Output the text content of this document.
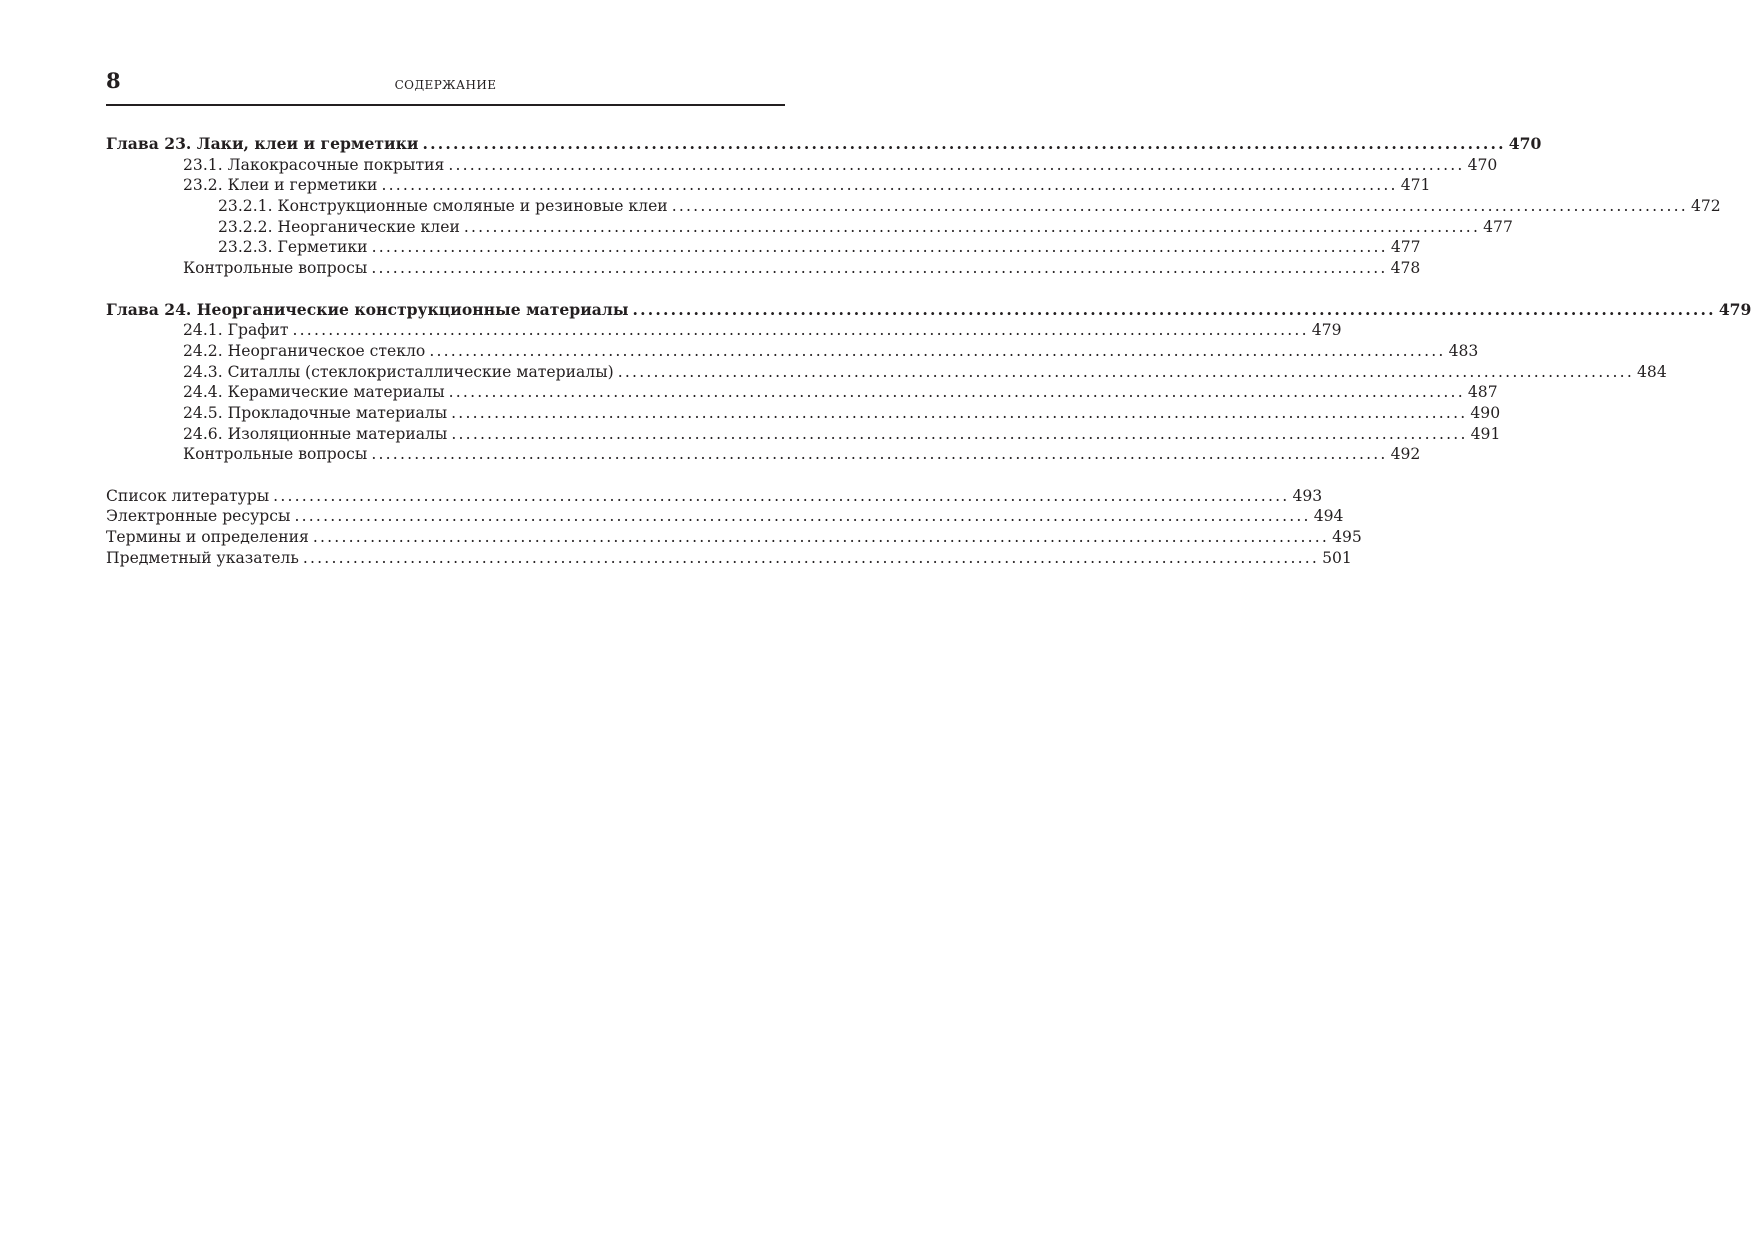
8	СОДЕРЖАНИЕ
Глава 23. Лаки, клеи и герметики .............................................................................................................................................. 470
23.1. Лакокрасочные покрытия .............................................................................................................................................. 470
23.2. Клеи и герметики .............................................................................................................................................. 471
23.2.1. Конструкционные смоляные и резиновые клеи .............................................................................................................................................. 472
23.2.2. Неорганические клеи .............................................................................................................................................. 477
23.2.3. Герметики .............................................................................................................................................. 477
Контрольные вопросы .............................................................................................................................................. 478
Глава 24. Неорганические конструкционные материалы .............................................................................................................................................. 479
24.1. Графит .............................................................................................................................................. 479
24.2. Неорганическое стекло .............................................................................................................................................. 483
24.3. Ситаллы (стеклокристаллические материалы) .............................................................................................................................................. 484
24.4. Керамические материалы .............................................................................................................................................. 487
24.5. Прокладочные материалы .............................................................................................................................................. 490
24.6. Изоляционные материалы .............................................................................................................................................. 491
Контрольные вопросы .............................................................................................................................................. 492
Список литературы .............................................................................................................................................. 493
Электронные ресурсы .............................................................................................................................................. 494
Термины и определения .............................................................................................................................................. 495
Предметный указатель .............................................................................................................................................. 501
